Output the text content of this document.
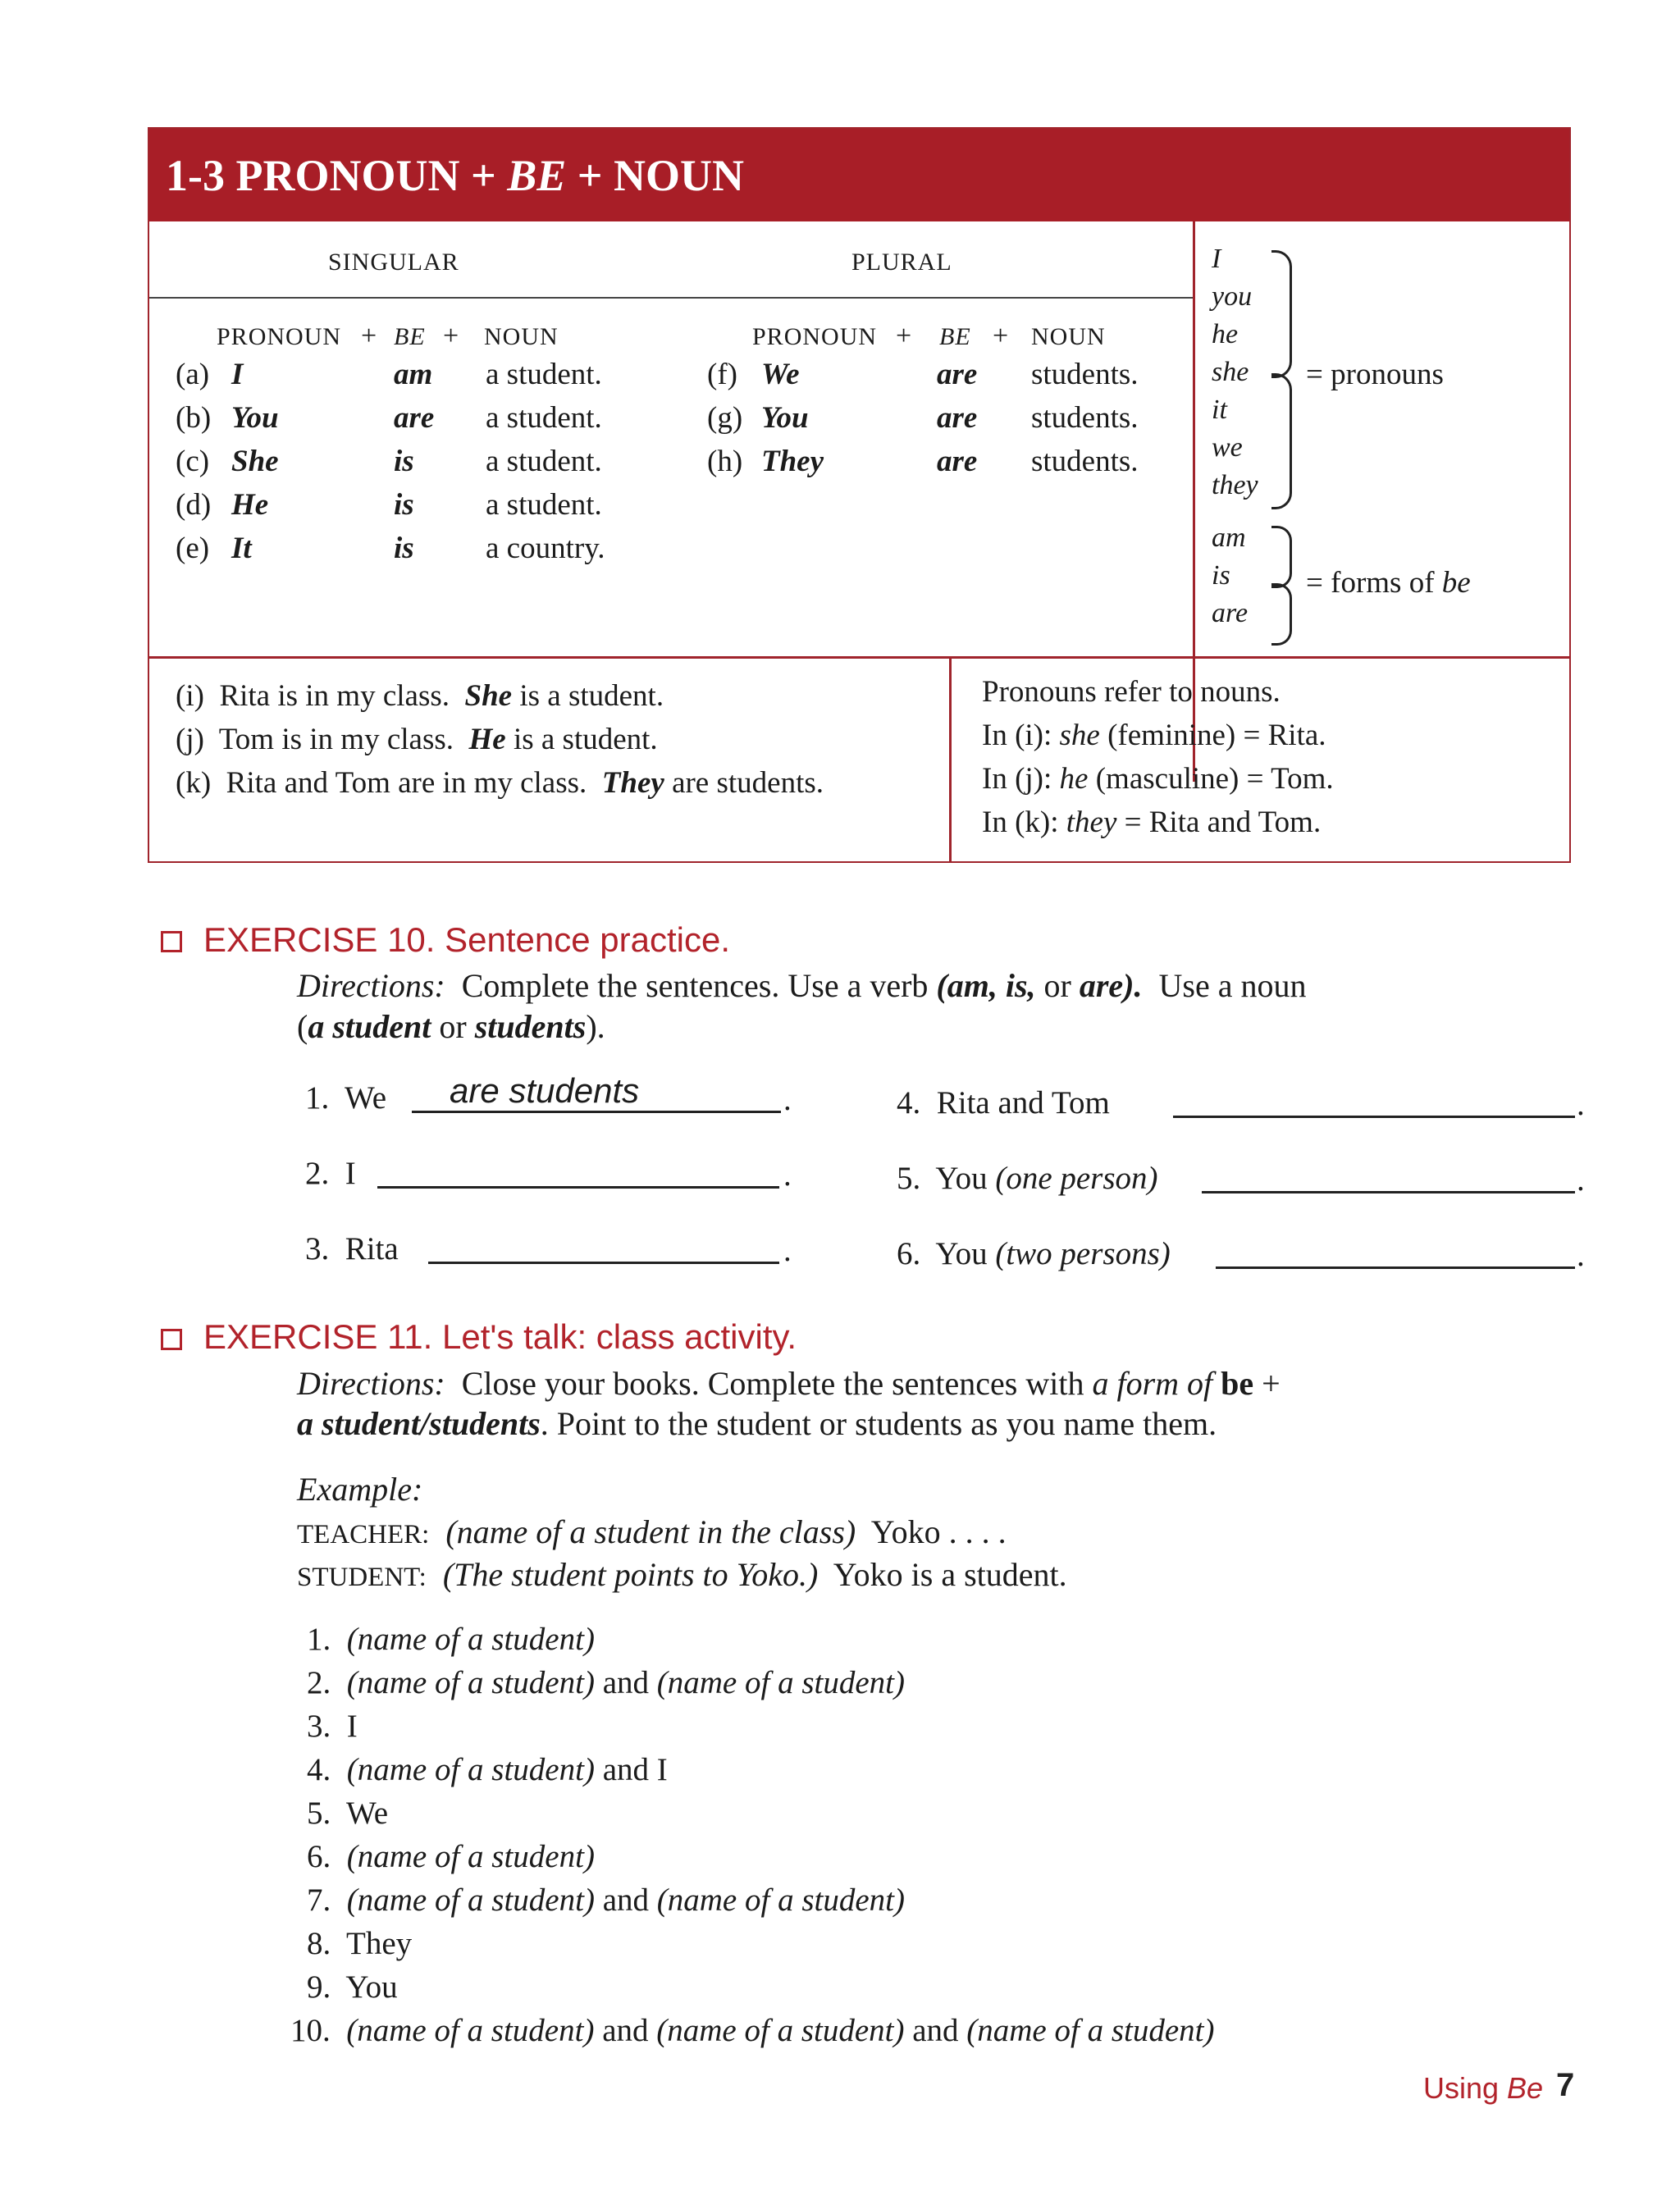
1-3 PRONOUN + BE + NOUN
SINGULAR	PLURAL
PRONOUN + BE + NOUN	PRONOUN + BE + NOUN
(a) I	am a student.
(b) You	are a student.
(c) She	is a student.
(d) He	is a student.
(e) It	is a country.
(f) We	are students.
(g) You	are students.
(h) They	are students.
I
you
he
she
it
we
they
= pronouns
am
is
are
= forms of be
(i) Rita is in my class. She is a student.
(j) Tom is in my class. He is a student.
(k) Rita and Tom are in my class. They are students.
Pronouns refer to nouns.
In (i): she (feminine) = Rita.
In (j): he (masculine) = Tom.
In (k): they = Rita and Tom.
EXERCISE 10. Sentence practice.
Directions: Complete the sentences. Use a verb (am, is, or are). Use a noun
(a student or students).
1. We are students	.
2. I	.
3. Rita	.
4. Rita and Tom	.
5. You (one person)	.
6. You (two persons)	.
EXERCISE 11. Let's talk: class activity.
Directions: Close your books. Complete the sentences with a form of be +
a student/students. Point to the student or students as you name them.
Example:
TEACHER: (name of a student in the class) Yoko . . . .
STUDENT: (The student points to Yoko.) Yoko is a student.
1. (name of a student)
2. (name of a student) and (name of a student)
3. I
4. (name of a student) and I
5. We
6. (name of a student)
7. (name of a student) and (name of a student)
8. They
9. You
10. (name of a student) and (name of a student) and (name of a student)
Using Be 7
